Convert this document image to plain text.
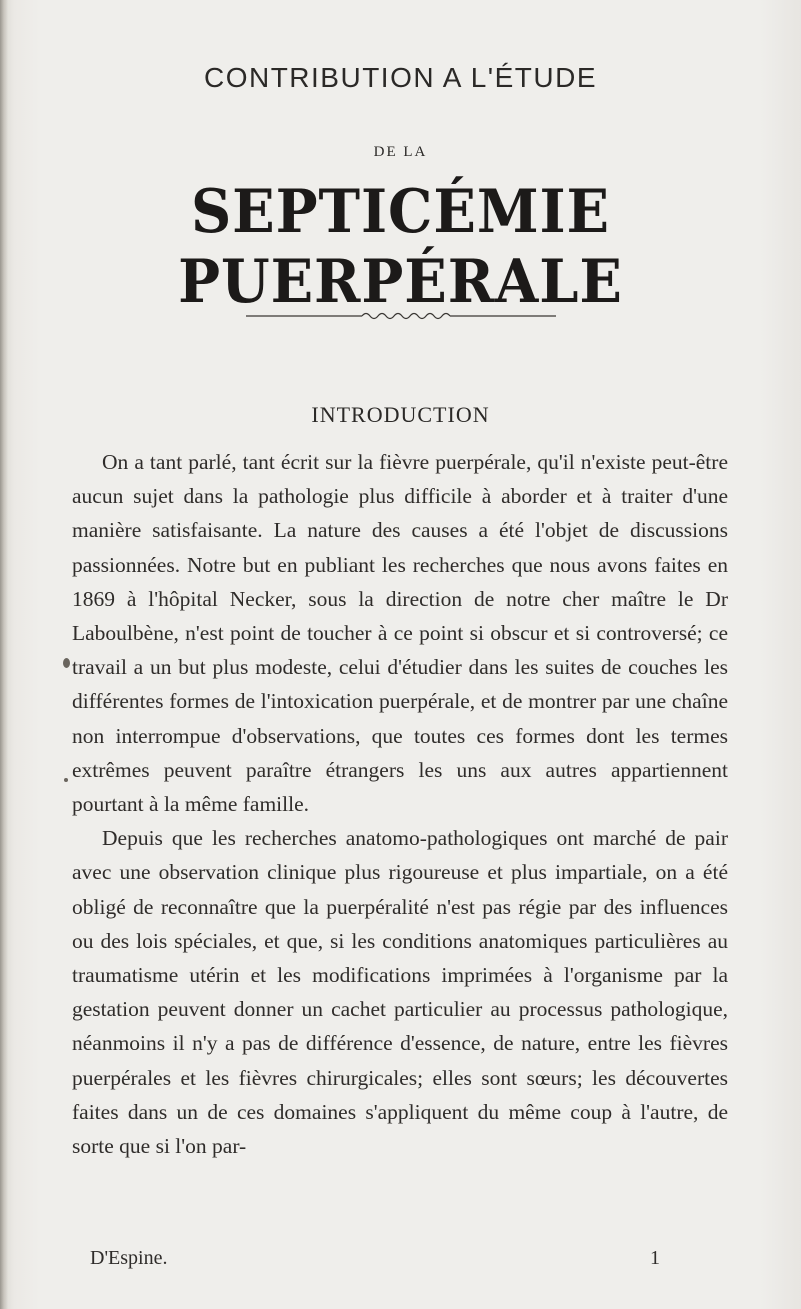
CONTRIBUTION A L'ÉTUDE
DE LA
SEPTICÉMIE PUERPÉRALE
INTRODUCTION

On a tant parlé, tant écrit sur la fièvre puerpérale, qu'il n'existe peut-être aucun sujet dans la pathologie plus difficile à aborder et à traiter d'une manière satisfaisante. La nature des causes a été l'objet de discussions passionnées. Notre but en publiant les recherches que nous avons faites en 1869 à l'hôpital Necker, sous la direction de notre cher maître le Dr Laboulbène, n'est point de toucher à ce point si obscur et si controversé; ce travail a un but plus modeste, celui d'étudier dans les suites de couches les différentes formes de l'intoxication puerpérale, et de montrer par une chaîne non interrompue d'observations, que toutes ces formes dont les termes extrêmes peuvent paraître étrangers les uns aux autres appartiennent pourtant à la même famille.

Depuis que les recherches anatomo-pathologiques ont marché de pair avec une observation clinique plus rigoureuse et plus impartiale, on a été obligé de reconnaître que la puerpéralité n'est pas régie par des influences ou des lois spéciales, et que, si les conditions anatomiques particulières au traumatisme utérin et les modifications imprimées à l'organisme par la gestation peuvent donner un cachet particulier au processus pathologique, néanmoins il n'y a pas de différence d'essence, de nature, entre les fièvres puerpérales et les fièvres chirurgicales; elles sont sœurs; les découvertes faites dans un de ces domaines s'appliquent du même coup à l'autre, de sorte que si l'on par-

D'Espine.	1
